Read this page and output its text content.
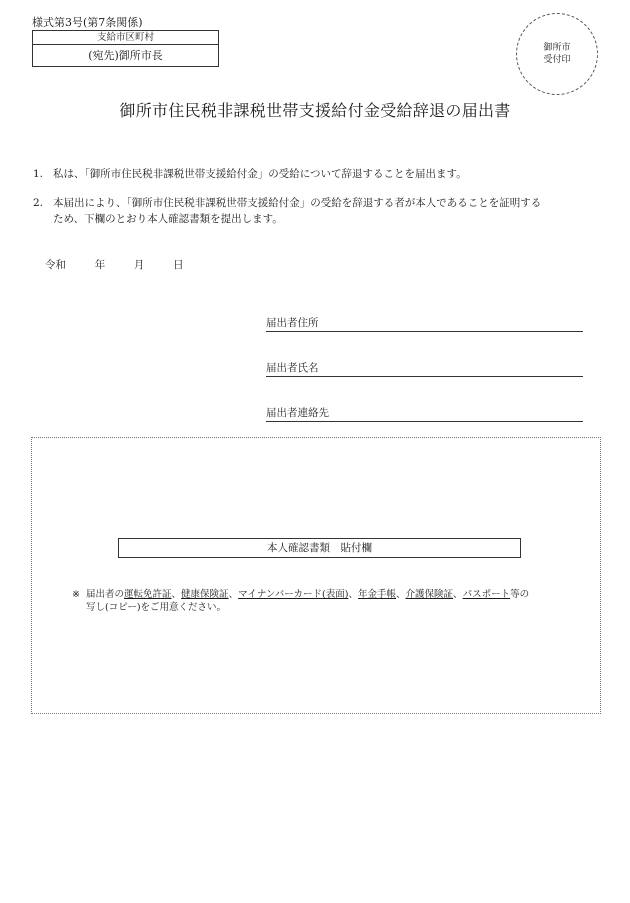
様式第3号(第7条関係)
支給市区町村
(宛先)御所市長
御所市
受付印
御所市住民税非課税世帯支援給付金受給辞退の届出書
1. 私は、「御所市住民税非課税世帯支援給付金」の受給について辞退することを届出ます。
2. 本届出により、「御所市住民税非課税世帯支援給付金」の受給を辞退する者が本人であることを証明する
ため、下欄のとおり本人確認書類を提出します。
令和	年	月	日
届出者住所
届出者氏名
届出者連絡先
本人確認書類　貼付欄
※ 届出者の運転免許証、健康保険証、マイナンバーカード(表面)、年金手帳、介護保険証、パスポート等の
写し(コピー)をご用意ください。
